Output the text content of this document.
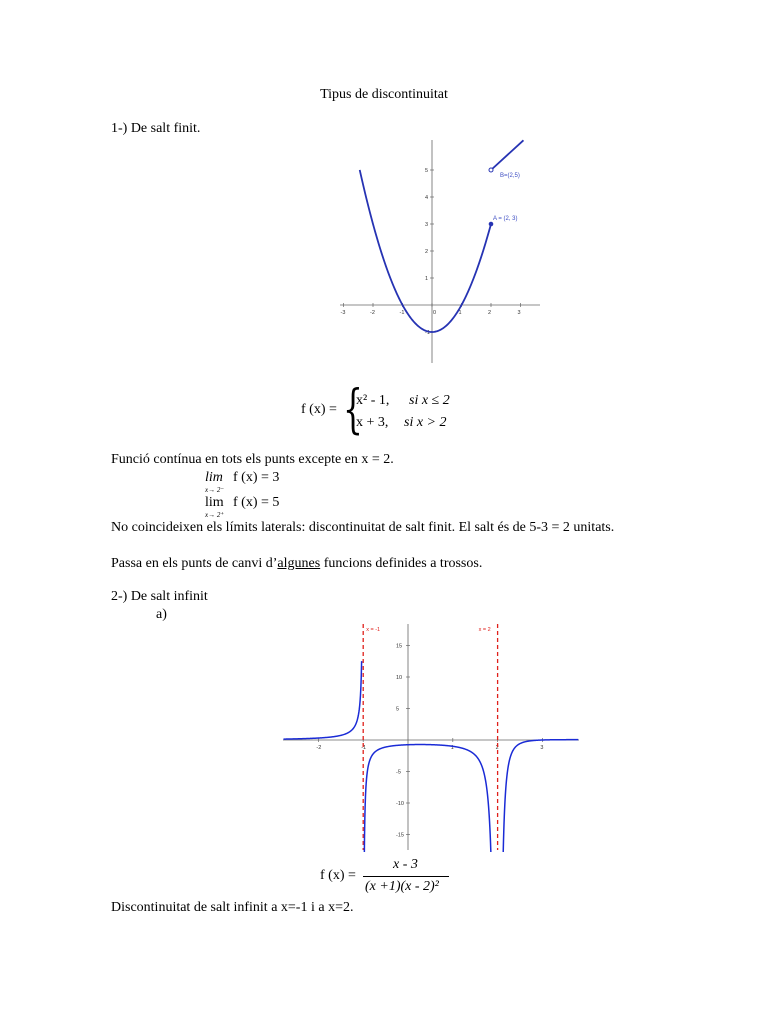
Tipus de discontinuitat
1-) De salt finit.
-3	-2	-1	0	1	2	3
5
4
3
2
1
-1
A = (2, 3)
B=(2,5)
f (x) = {
x² - 1, si x ≤ 2
x + 3, si x > 2
Funció contínua en tots els punts excepte en x = 2.
lim
x→ 2⁻
f (x) = 3
lim
x→ 2⁺
f (x) = 5
No coincideixen els límits laterals: discontinuitat de salt finit. El salt és de 5-3 = 2 unitats.
Passa en els punts de canvi d’algunes funcions definides a trossos.
2-) De salt infinit
a)
-2	-1	1	2	3
15
10
5
-5
-10
-15
x = -1	x = 2
f (x) =
x - 3
(x +1)(x - 2)²
Discontinuitat de salt infinit a x=-1 i a x=2.
